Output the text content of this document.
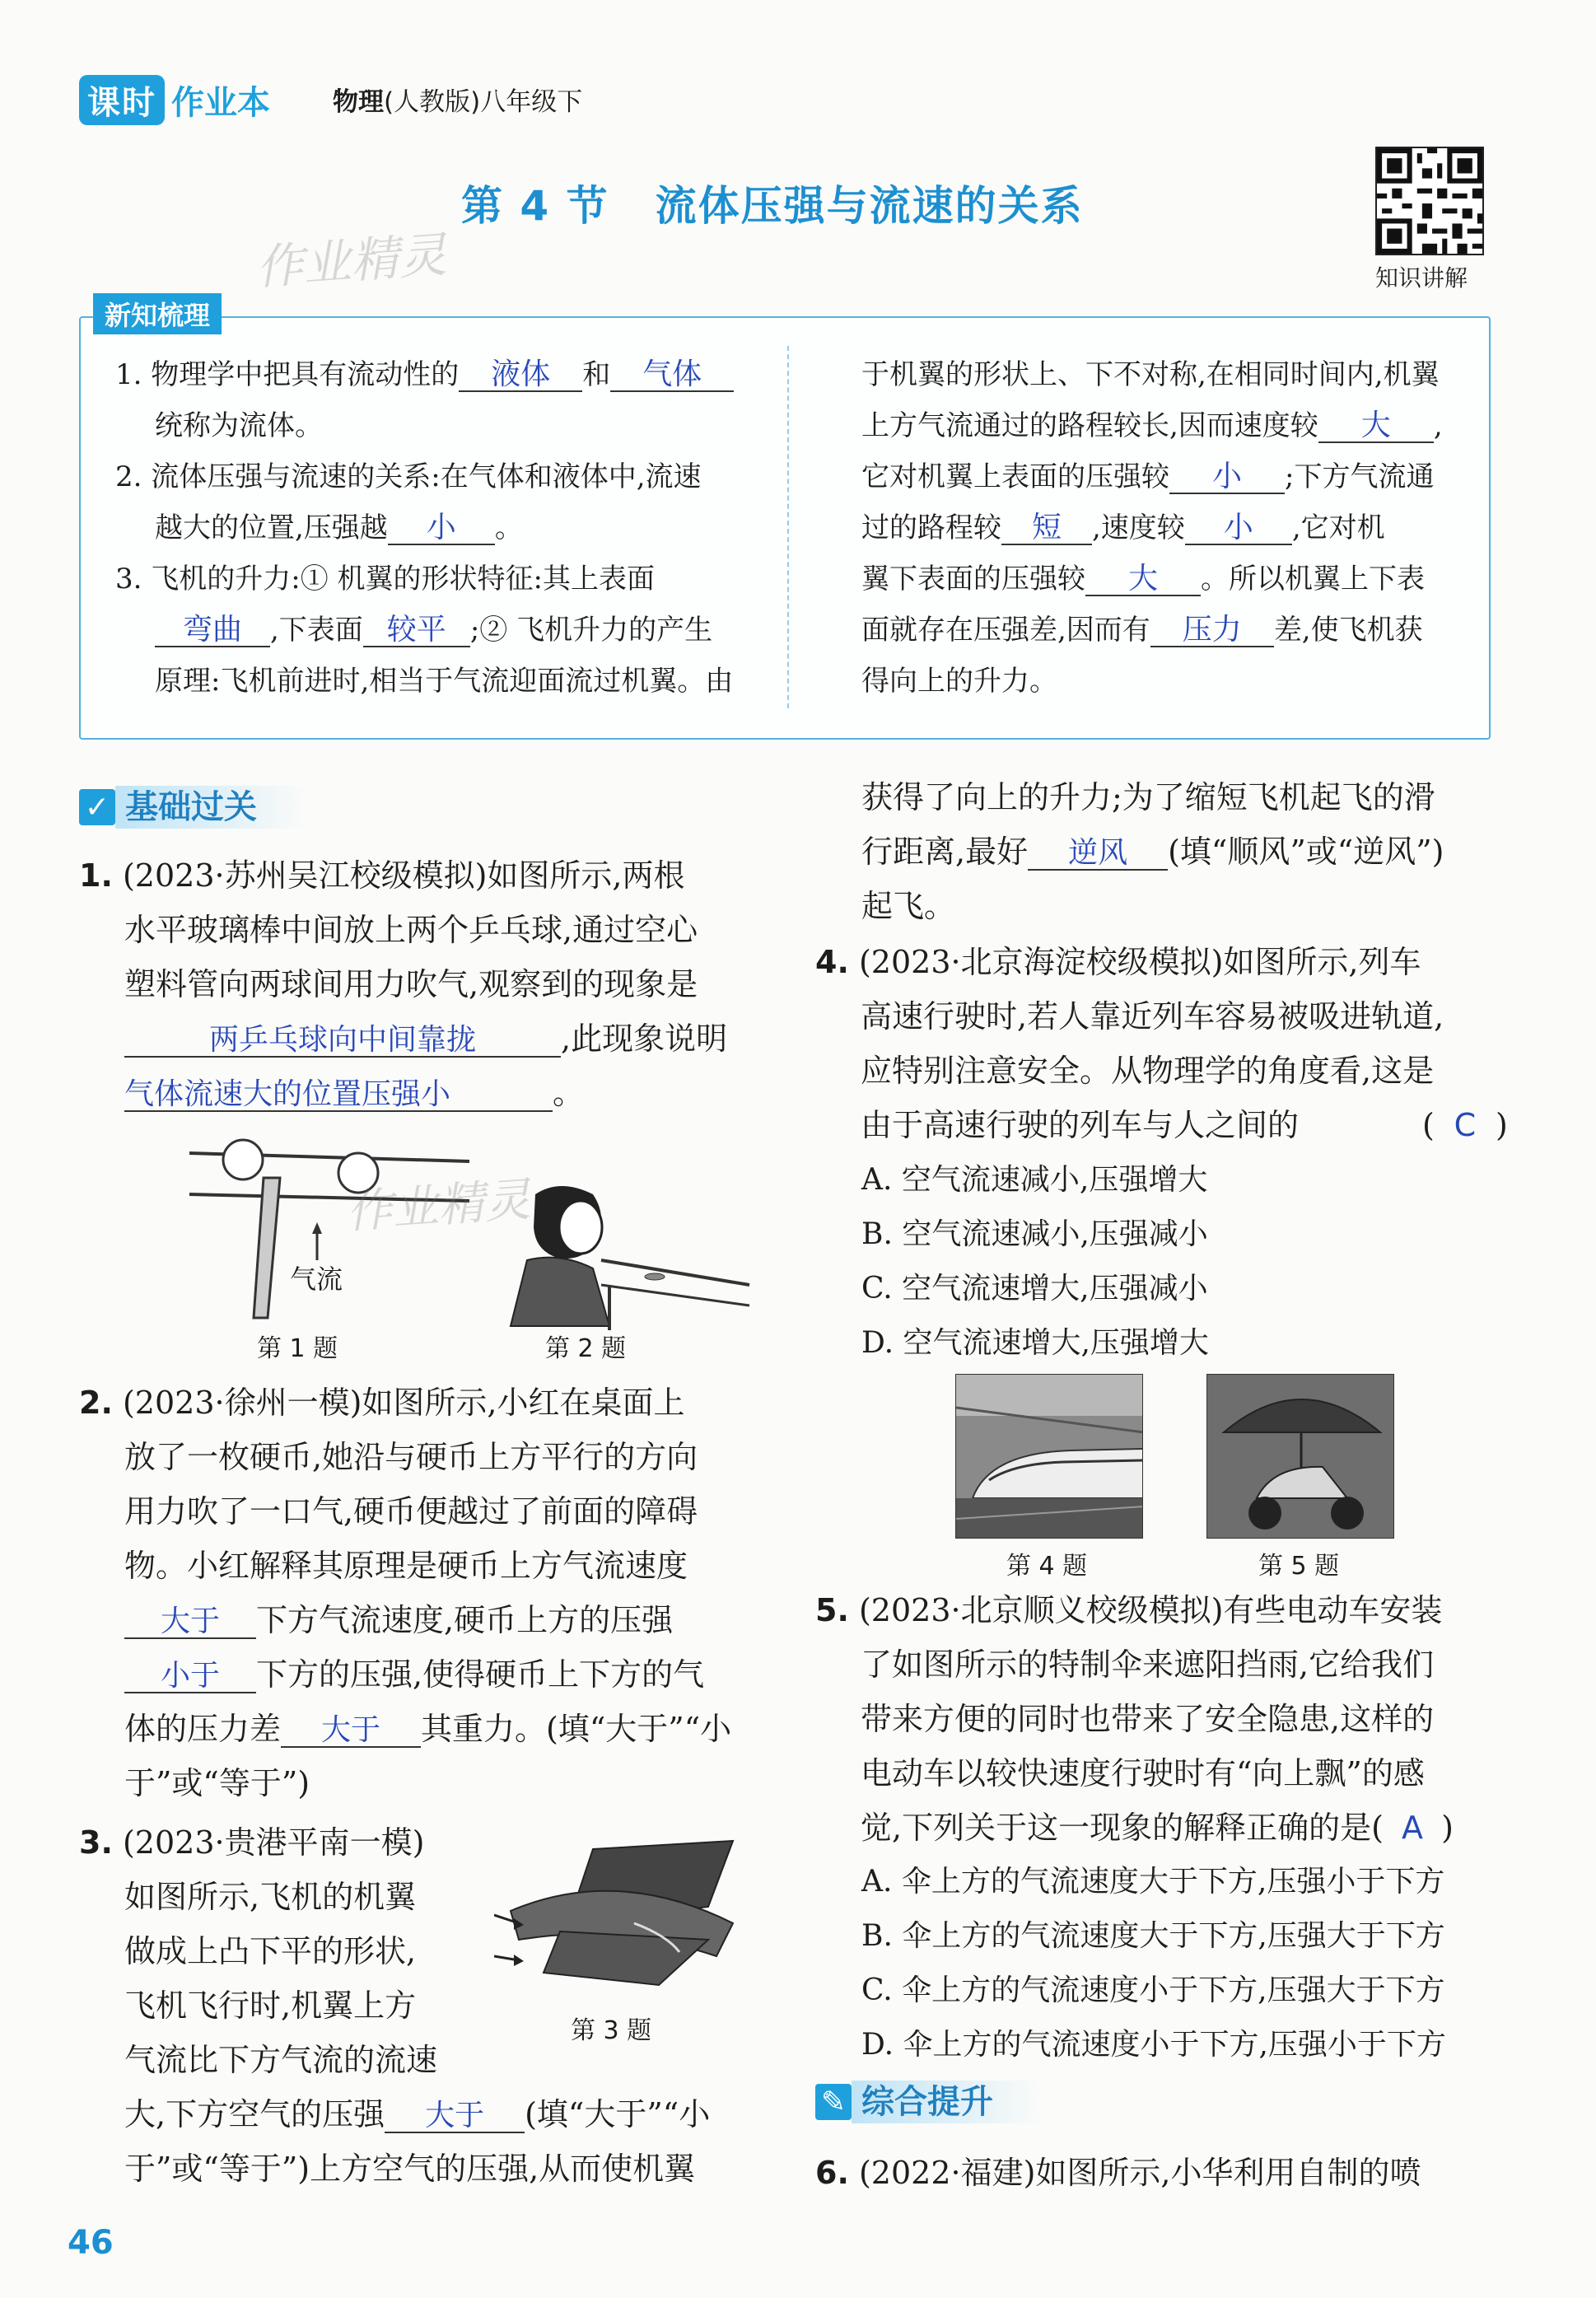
课时 作业本 物理(人教版)八年级下
第 4 节 流体压强与流速的关系
作业精灵	知识讲解
新知梳理
1. 物理学中把具有流动性的 液体 和 气体
统称为流体。
2. 流体压强与流速的关系:在气体和液体中,流速
越大的位置,压强越 小 。
3. 飞机的升力:① 机翼的形状特征:其上表面
弯曲 ,下表面 较平 ;② 飞机升力的产生
原理:飞机前进时,相当于气流迎面流过机翼。由
于机翼的形状上、下不对称,在相同时间内,机翼
上方气流通过的路程较长,因而速度较 大 ,
它对机翼上表面的压强较 小 ;下方气流通
过的路程较 短 ,速度较 小 ,它对机
翼下表面的压强较 大 。所以机翼上下表
面就存在压强差,因而有 压力 差,使飞机获
得向上的升力。
✓ 基础过关
1. (2023·苏州吴江校级模拟)如图所示,两根
水平玻璃棒中间放上两个乒乓球,通过空心
塑料管向两球间用力吹气,观察到的现象是
两乒乓球向中间靠拢	,此现象说明
气体流速大的位置压强小	。
气流
作业精灵
第 1 题	第 2 题
2. (2023·徐州一模)如图所示,小红在桌面上
放了一枚硬币,她沿与硬币上方平行的方向
用力吹了一口气,硬币便越过了前面的障碍
物。小红解释其原理是硬币上方气流速度
大于 下方气流速度,硬币上方的压强
小于 下方的压强,使得硬币上下方的气
体的压力差 大于 其重力。(填“大于”“小
于”或“等于”)
3. (2023·贵港平南一模)
如图所示,飞机的机翼
做成上凸下平的形状,
飞机飞行时,机翼上方
气流比下方气流的流速
大,下方空气的压强 大于 (填“大于”“小
于”或“等于”)上方空气的压强,从而使机翼
第 3 题
获得了向上的升力;为了缩短飞机起飞的滑
行距离,最好 逆风 (填“顺风”或“逆风”)
起飞。
4. (2023·北京海淀校级模拟)如图所示,列车
高速行驶时,若人靠近列车容易被吸进轨道,
应特别注意安全。从物理学的角度看,这是
由于高速行驶的列车与人之间的	( C )
A. 空气流速减小,压强增大
B. 空气流速减小,压强减小
C. 空气流速增大,压强减小
D. 空气流速增大,压强增大
第 4 题	第 5 题
5. (2023·北京顺义校级模拟)有些电动车安装
了如图所示的特制伞来遮阳挡雨,它给我们
带来方便的同时也带来了安全隐患,这样的
电动车以较快速度行驶时有“向上飘”的感
觉,下列关于这一现象的解释正确的是( A )
A. 伞上方的气流速度大于下方,压强小于下方
B. 伞上方的气流速度大于下方,压强大于下方
C. 伞上方的气流速度小于下方,压强大于下方
D. 伞上方的气流速度小于下方,压强小于下方
✎ 综合提升
6. (2022·福建)如图所示,小华利用自制的喷
46
